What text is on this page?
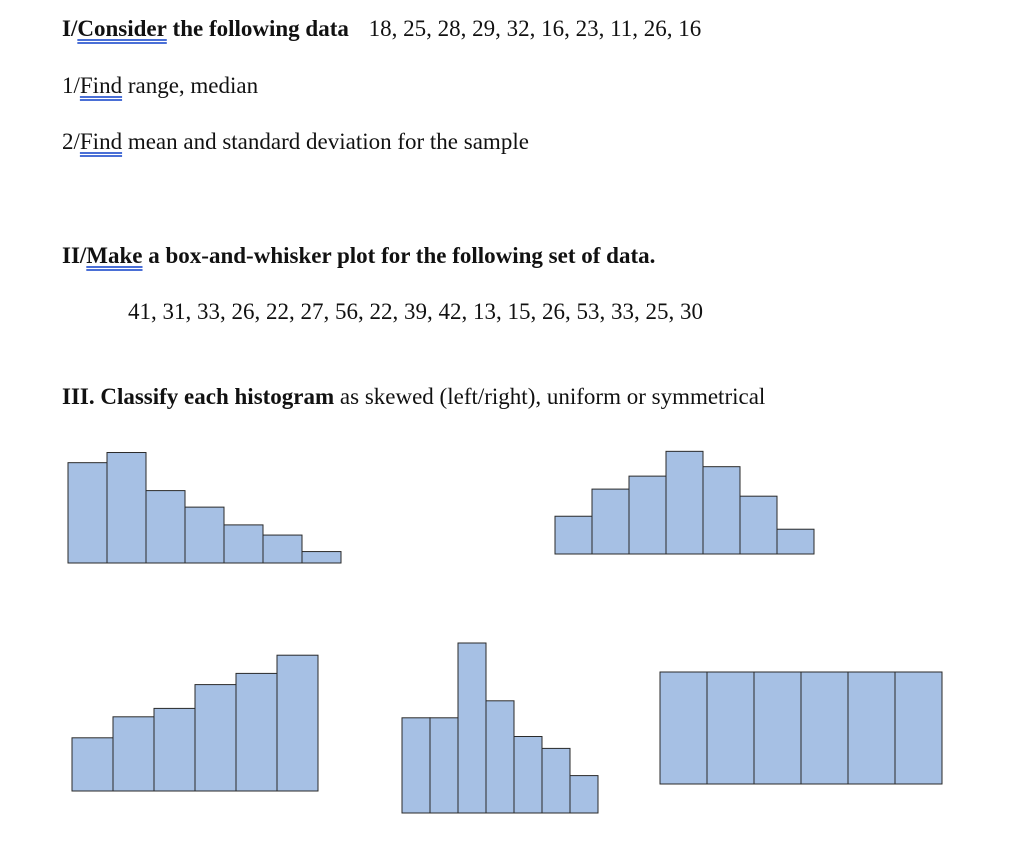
I/Consider the following data 18, 25, 28, 29, 32, 16, 23, 11, 26, 16
1/Find range, median
2/Find mean and standard deviation for the sample
II/Make a box-and-whisker plot for the following set of data.
41, 31, 33, 26, 22, 27, 56, 22, 39, 42, 13, 15, 26, 53, 33, 25, 30
III. Classify each histogram as skewed (left/right), uniform or symmetrical
